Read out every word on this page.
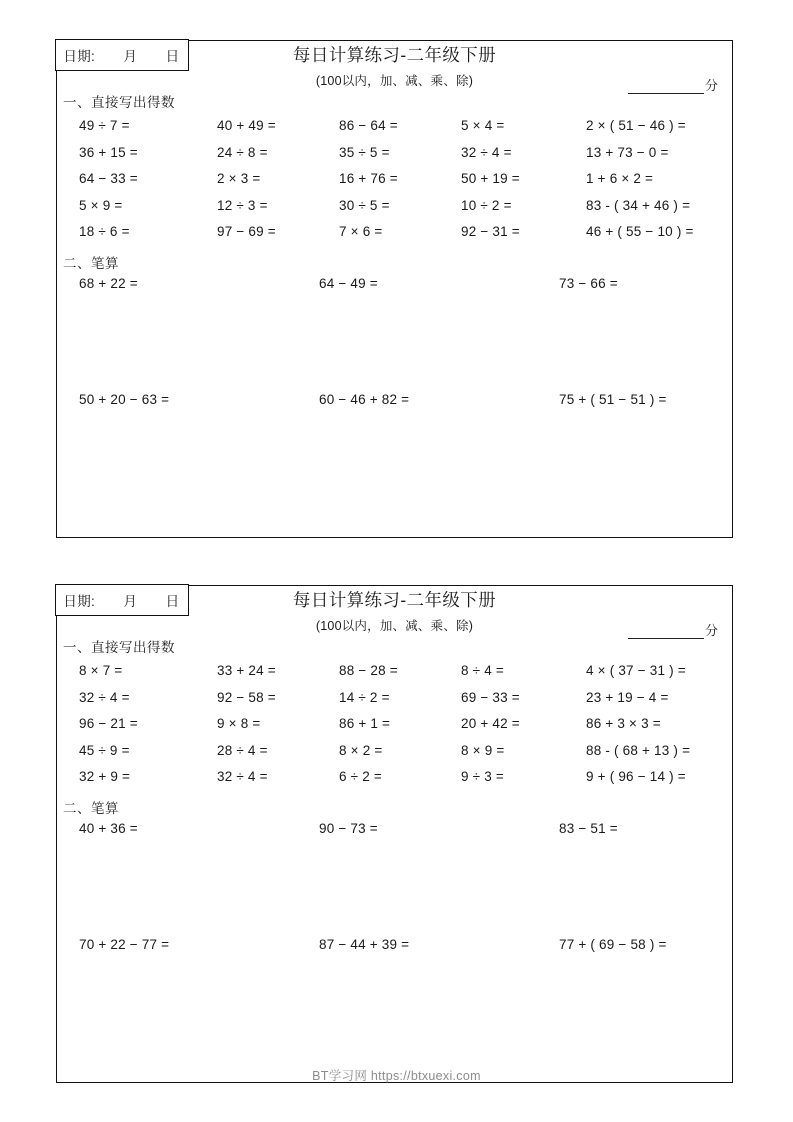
日期: 月 日	每日计算练习-二年级下册
(100以内，加、减、乘、除)	分
一、直接写出得数
49 ÷ 7 =	40 + 49 =	86 − 64 =	5 × 4 =	2 × ( 51 − 46 ) =
36 + 15 =	24 ÷ 8 =	35 ÷ 5 =	32 ÷ 4 =	13 + 73 − 0 =
64 − 33 =	2 × 3 =	16 + 76 =	50 + 19 =	1 + 6 × 2 =
5 × 9 =	12 ÷ 3 =	30 ÷ 5 =	10 ÷ 2 =	83 - ( 34 + 46 ) =
18 ÷ 6 =	97 − 69 =	7 × 6 =	92 − 31 =	46 + ( 55 − 10 ) =
二、笔算
68 + 22 =	64 − 49 =	73 − 66 =
50 + 20 − 63 =	60 − 46 + 82 =	75 + ( 51 − 51 ) =
日期: 月 日	每日计算练习-二年级下册
(100以内，加、减、乘、除)	分
一、直接写出得数
8 × 7 =	33 + 24 =	88 − 28 =	8 ÷ 4 =	4 × ( 37 − 31 ) =
32 ÷ 4 =	92 − 58 =	14 ÷ 2 =	69 − 33 =	23 + 19 − 4 =
96 − 21 =	9 × 8 =	86 + 1 =	20 + 42 =	86 + 3 × 3 =
45 ÷ 9 =	28 ÷ 4 =	8 × 2 =	8 × 9 =	88 - ( 68 + 13 ) =
32 + 9 =	32 ÷ 4 =	6 ÷ 2 =	9 ÷ 3 =	9 + ( 96 − 14 ) =
二、笔算
40 + 36 =	90 − 73 =	83 − 51 =
70 + 22 − 77 =	87 − 44 + 39 =	77 + ( 69 − 58 ) =
BT学习网 https://btxuexi.com
